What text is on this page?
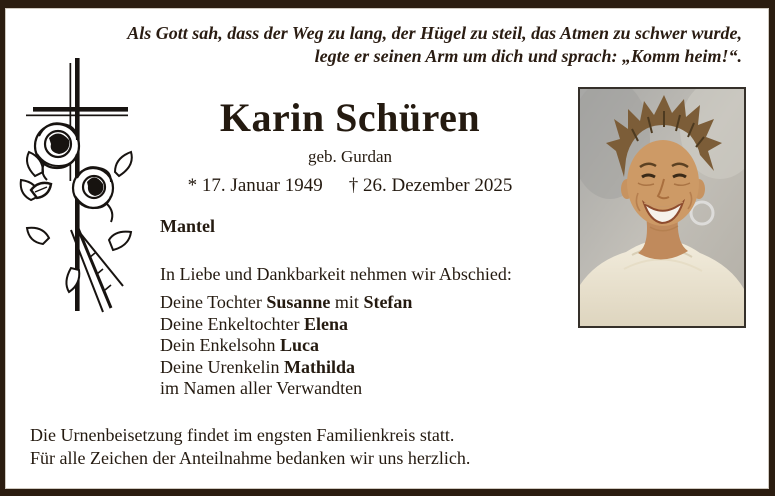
Als Gott sah, dass der Weg zu lang, der Hügel zu steil, das Atmen zu schwer wurde,
legte er seinen Arm um dich und sprach: „Komm heim!“.
Karin Schüren
geb. Gurdan
* 17. Januar 1949 † 26. Dezember 2025
Mantel
In Liebe und Dankbarkeit nehmen wir Abschied:
Deine Tochter Susanne mit Stefan
Deine Enkeltochter Elena
Dein Enkelsohn Luca
Deine Urenkelin Mathilda
im Namen aller Verwandten
Die Urnenbeisetzung findet im engsten Familienkreis statt.
Für alle Zeichen der Anteilnahme bedanken wir uns herzlich.
